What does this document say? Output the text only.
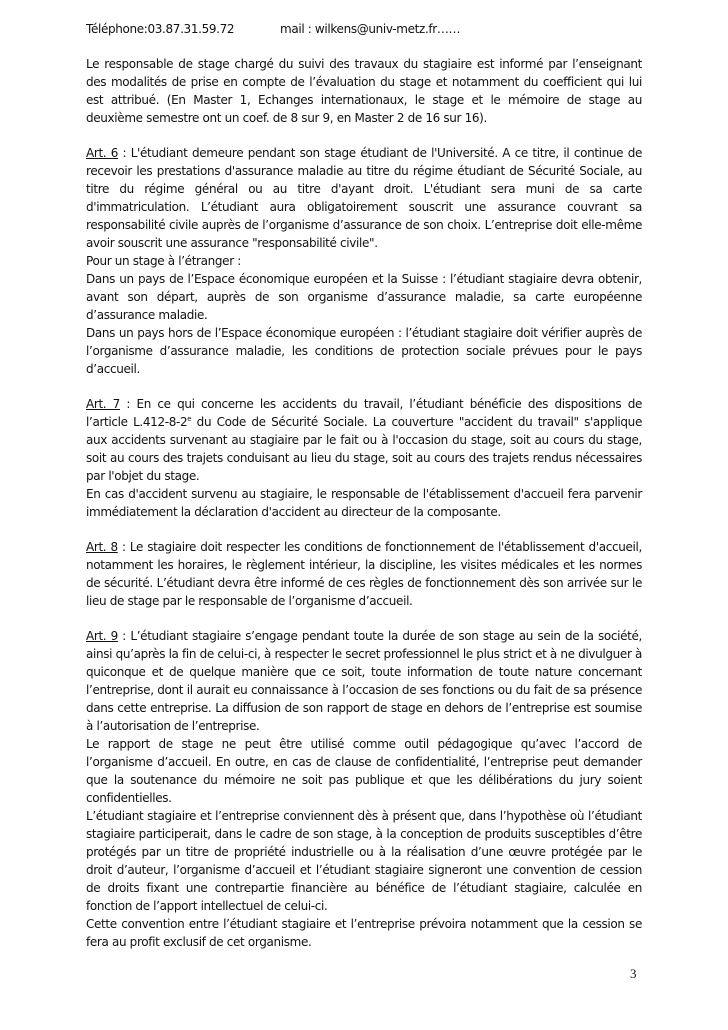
Téléphone:03.87.31.59.72	mail : wilkens@univ-metz.fr……

Le responsable de stage chargé du suivi des travaux du stagiaire est informé par l’enseignant des modalités de prise en compte de l’évaluation du stage et notamment du coefficient qui lui est attribué. (En Master 1, Echanges internationaux, le stage et le mémoire de stage au deuxième semestre ont un coef. de 8 sur 9, en Master 2 de 16 sur 16).

Art. 6 : L'étudiant demeure pendant son stage étudiant de l'Université. A ce titre, il continue de recevoir les prestations d'assurance maladie au titre du régime étudiant de Sécurité Sociale, au titre du régime général ou au titre d'ayant droit. L'étudiant sera muni de sa carte d'immatriculation. L’étudiant aura obligatoirement souscrit une assurance couvrant sa responsabilité civile auprès de l’organisme d’assurance de son choix. L’entreprise doit elle-même avoir souscrit une assurance "responsabilité civile".

Pour un stage à l’étranger :

Dans un pays de l’Espace économique européen et la Suisse : l’étudiant stagiaire devra obtenir, avant son départ, auprès de son organisme d’assurance maladie, sa carte européenne d’assurance maladie.

Dans un pays hors de l’Espace économique européen : l’étudiant stagiaire doit vérifier auprès de l’organisme d’assurance maladie, les conditions de protection sociale prévues pour le pays d’accueil.

Art. 7 : En ce qui concerne les accidents du travail, l’étudiant bénéficie des dispositions de l’article L.412-8-2e du Code de Sécurité Sociale. La couverture "accident du travail" s'applique aux accidents survenant au stagiaire par le fait ou à l'occasion du stage, soit au cours du stage, soit au cours des trajets conduisant au lieu du stage, soit au cours des trajets rendus nécessaires par l'objet du stage.

En cas d'accident survenu au stagiaire, le responsable de l'établissement d'accueil fera parvenir immédiatement la déclaration d'accident au directeur de la composante.

Art. 8 : Le stagiaire doit respecter les conditions de fonctionnement de l'établissement d'accueil, notamment les horaires, le règlement intérieur, la discipline, les visites médicales et les normes de sécurité. L’étudiant devra être informé de ces règles de fonctionnement dès son arrivée sur le lieu de stage par le responsable de l’organisme d’accueil.

Art. 9 : L’étudiant stagiaire s’engage pendant toute la durée de son stage au sein de la société, ainsi qu’après la fin de celui-ci, à respecter le secret professionnel le plus strict et à ne divulguer à quiconque et de quelque manière que ce soit, toute information de toute nature concernant l’entreprise, dont il aurait eu connaissance à l’occasion de ses fonctions ou du fait de sa présence dans cette entreprise. La diffusion de son rapport de stage en dehors de l’entreprise est soumise à l’autorisation de l’entreprise.

Le rapport de stage ne peut être utilisé comme outil pédagogique qu’avec l’accord de l’organisme d’accueil. En outre, en cas de clause de confidentialité, l’entreprise peut demander que la soutenance du mémoire ne soit pas publique et que les délibérations du jury soient confidentielles.

L’étudiant stagiaire et l’entreprise conviennent dès à présent que, dans l’hypothèse où l’étudiant stagiaire participerait, dans le cadre de son stage, à la conception de produits susceptibles d’être protégés par un titre de propriété industrielle ou à la réalisation d’une œuvre protégée par le droit d’auteur, l’organisme d’accueil et l’étudiant stagiaire signeront une convention de cession de droits fixant une contrepartie financière au bénéfice de l’étudiant stagiaire, calculée en fonction de l’apport intellectuel de celui-ci.

Cette convention entre l’étudiant stagiaire et l’entreprise prévoira notamment que la cession se fera au profit exclusif de cet organisme.

3
